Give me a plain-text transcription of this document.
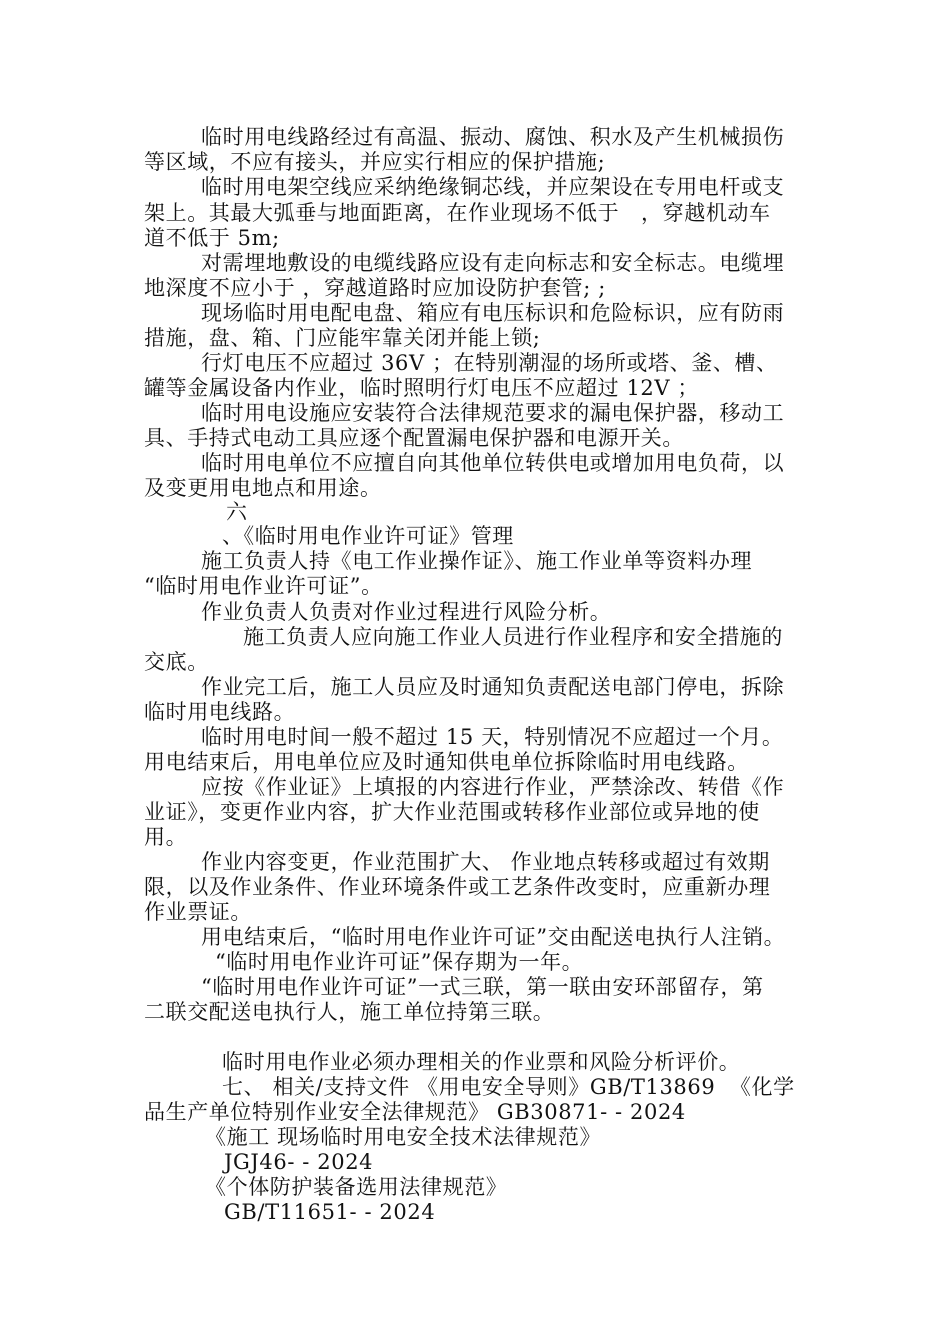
临时用电线路经过有高温、振动、腐蚀、积水及产生机械损伤
等区域，不应有接头，并应实行相应的保护措施;
临时用电架空线应采纳绝缘铜芯线，并应架设在专用电杆或支
架上。其最大弧垂与地面距离，在作业现场不低于   ，穿越机动车
道不低于 5m;
对需埋地敷设的电缆线路应设有走向标志和安全标志。电缆埋
地深度不应小于 ，穿越道路时应加设防护套管; ;
现场临时用电配电盘、箱应有电压标识和危险标识，应有防雨
措施，盘、箱、门应能牢靠关闭并能上锁;
行灯电压不应超过 36V ；在特别潮湿的场所或塔、釜、槽、
罐等金属设备内作业，临时照明行灯电压不应超过 12V ；
临时用电设施应安装符合法律规范要求的漏电保护器，移动工
具、手持式电动工具应逐个配置漏电保护器和电源开关。
临时用电单位不应擅自向其他单位转供电或增加用电负荷，以
及变更用电地点和用途。
六
、《临时用电作业许可证》管理
施工负责人持《电工作业操作证》、施工作业单等资料办理
“临时用电作业许可证”。
作业负责人负责对作业过程进行风险分析。
施工负责人应向施工作业人员进行作业程序和安全措施的
交底。
作业完工后，施工人员应及时通知负责配送电部门停电，拆除
临时用电线路。
临时用电时间一般不超过 15 天，特别情况不应超过一个月。
用电结束后，用电单位应及时通知供电单位拆除临时用电线路。
应按《作业证》上填报的内容进行作业，严禁涂改、转借《作
业证》，变更作业内容，扩大作业范围或转移作业部位或异地的使
用。
作业内容变更，作业范围扩大、 作业地点转移或超过有效期
限，以及作业条件、作业环境条件或工艺条件改变时，应重新办理
作业票证。
用电结束后，“临时用电作业许可证”交由配送电执行人注销。
“临时用电作业许可证”保存期为一年。
“临时用电作业许可证”一式三联，第一联由安环部留存，第
二联交配送电执行人，施工单位持第三联。
临时用电作业必须办理相关的作业票和风险分析评价。
七、 相关/支持文件 《用电安全导则》GB/T13869  《化学
品生产单位特别作业安全法律规范》 GB30871- - 2024
《施工 现场临时用电安全技术法律规范》
JGJ46- - 2024
《个体防护装备选用法律规范》
GB/T11651- - 2024
